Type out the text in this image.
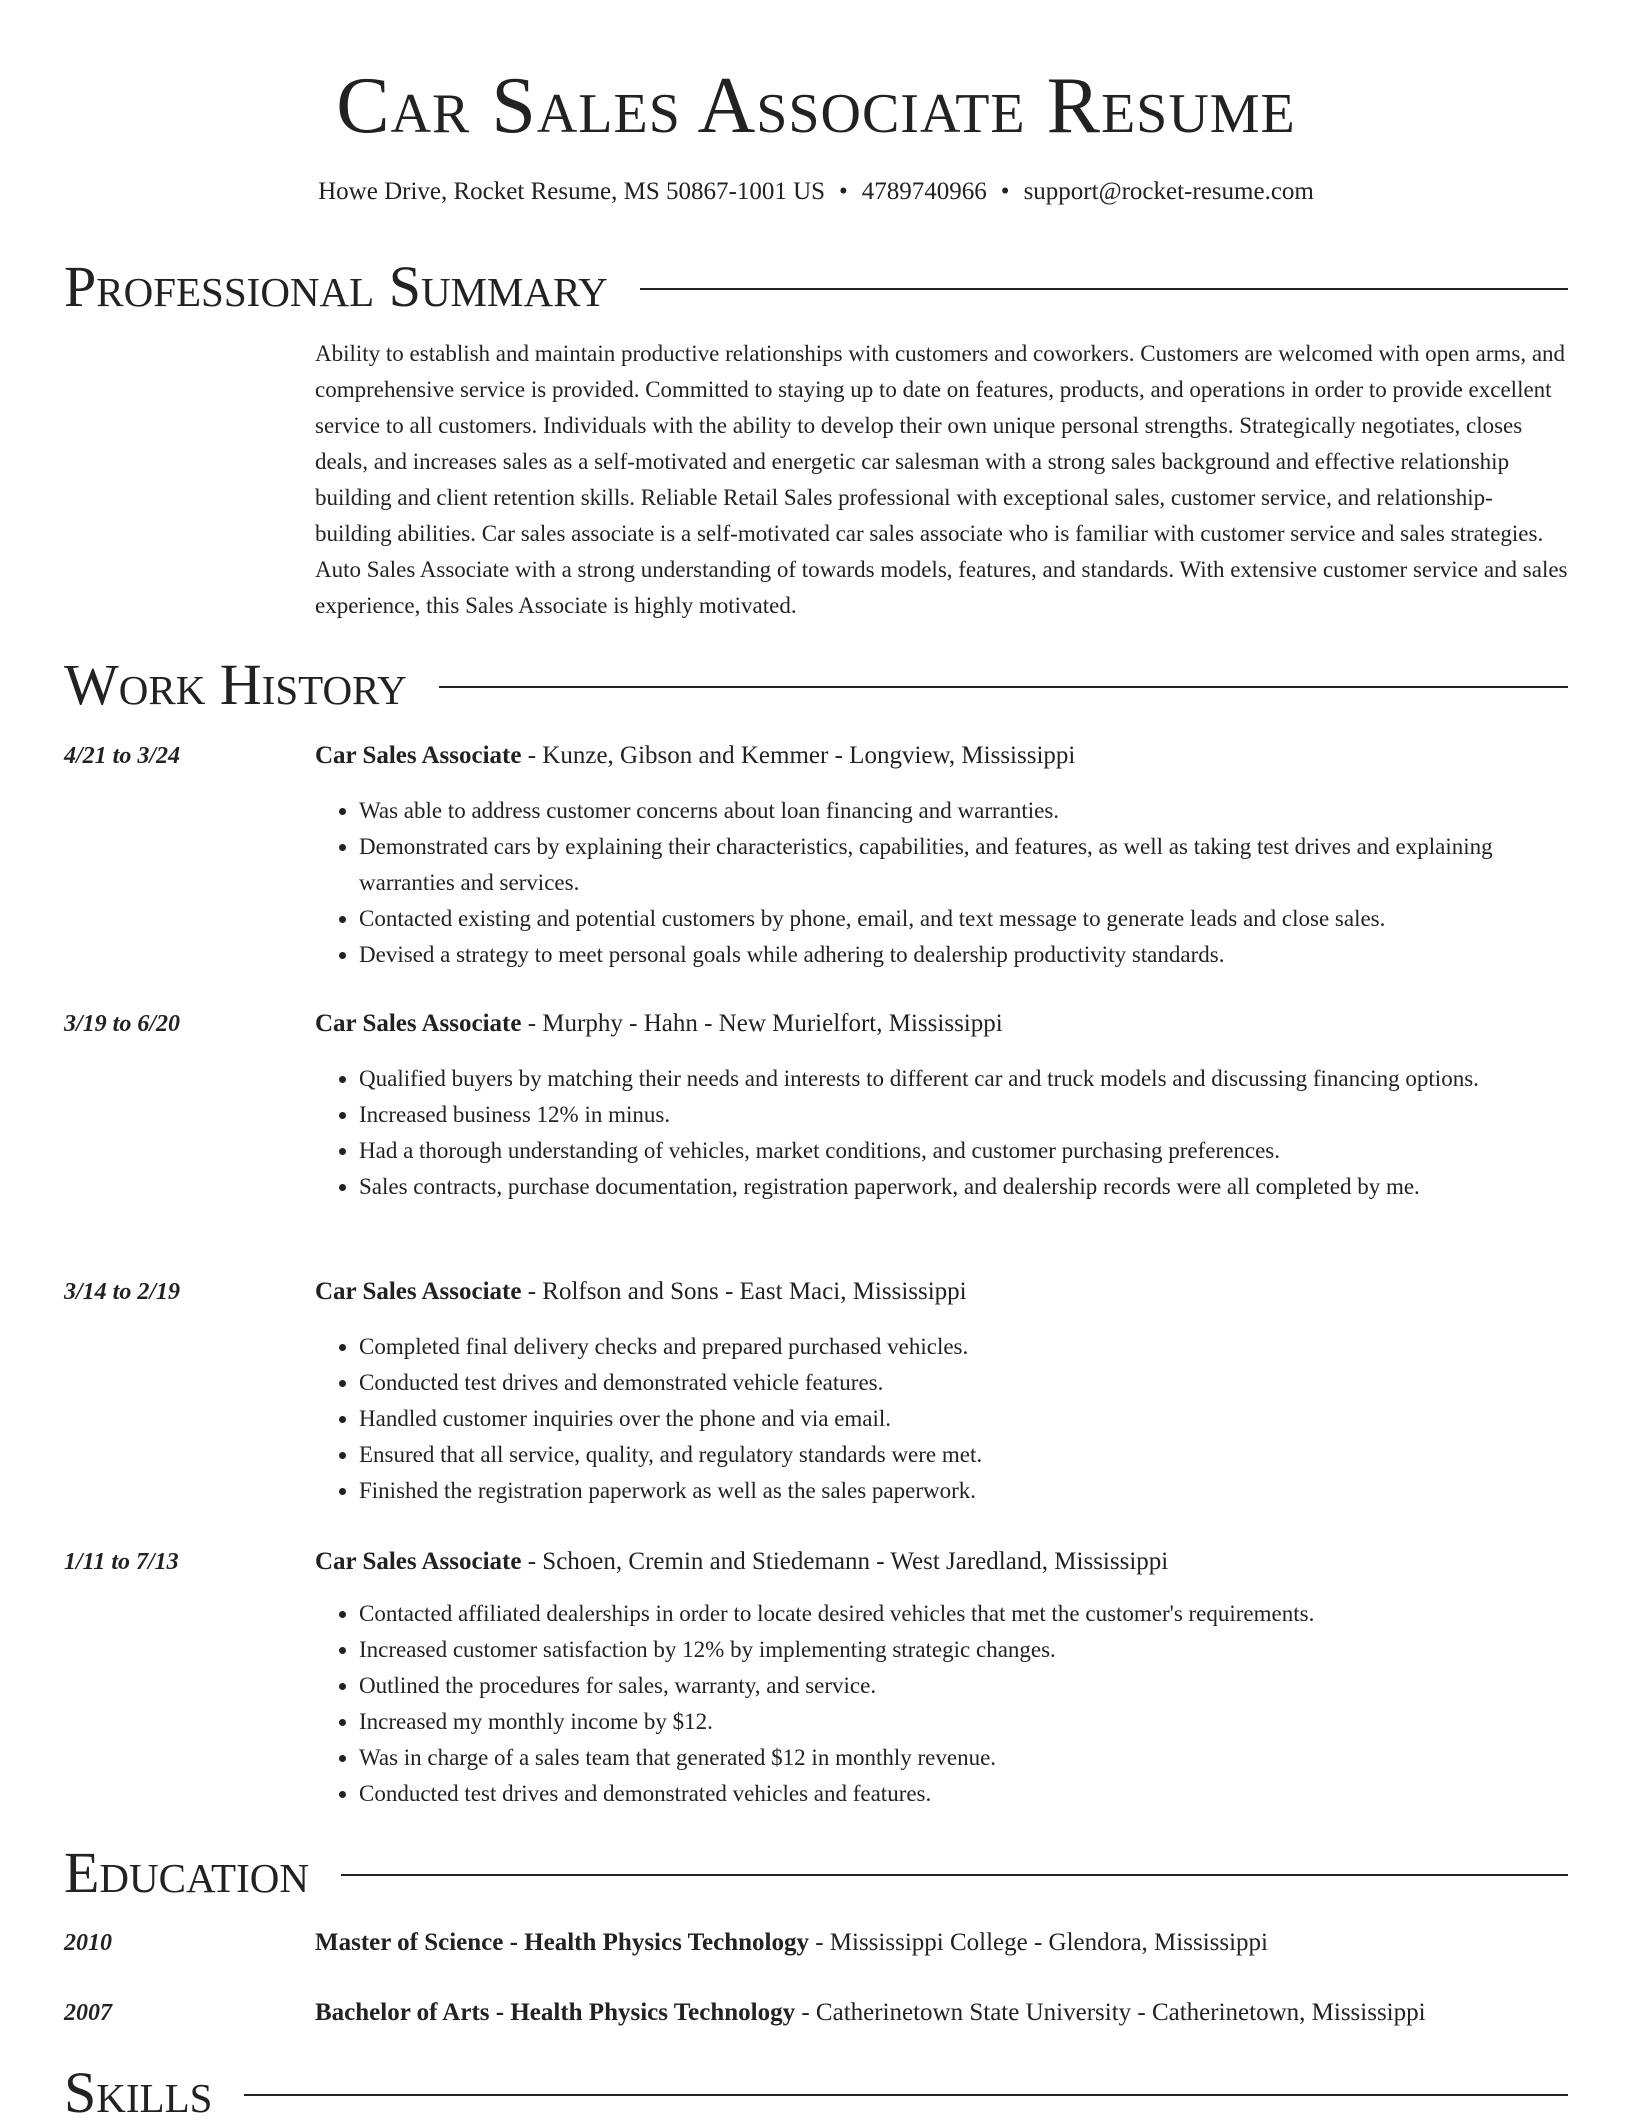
Car Sales Associate Resume
Howe Drive, Rocket Resume, MS 50867-1001 US • 4789740966 • support@rocket-resume.com
Professional Summary
Ability to establish and maintain productive relationships with customers and coworkers. Customers are welcomed with open arms, and comprehensive service is provided. Committed to staying up to date on features, products, and operations in order to provide excellent service to all customers. Individuals with the ability to develop their own unique personal strengths. Strategically negotiates, closes deals, and increases sales as a self-motivated and energetic car salesman with a strong sales background and effective relationship building and client retention skills. Reliable Retail Sales professional with exceptional sales, customer service, and relationship-building abilities. Car sales associate is a self-motivated car sales associate who is familiar with customer service and sales strategies. Auto Sales Associate with a strong understanding of towards models, features, and standards. With extensive customer service and sales experience, this Sales Associate is highly motivated.
Work History
4/21 to 3/24	Car Sales Associate - Kunze, Gibson and Kemmer - Longview, Mississippi
• Was able to address customer concerns about loan financing and warranties.
• Demonstrated cars by explaining their characteristics, capabilities, and features, as well as taking test drives and explaining warranties and services.
• Contacted existing and potential customers by phone, email, and text message to generate leads and close sales.
• Devised a strategy to meet personal goals while adhering to dealership productivity standards.
3/19 to 6/20	Car Sales Associate - Murphy - Hahn - New Murielfort, Mississippi
• Qualified buyers by matching their needs and interests to different car and truck models and discussing financing options.
• Increased business 12% in minus.
• Had a thorough understanding of vehicles, market conditions, and customer purchasing preferences.
• Sales contracts, purchase documentation, registration paperwork, and dealership records were all completed by me.
3/14 to 2/19	Car Sales Associate - Rolfson and Sons - East Maci, Mississippi
• Completed final delivery checks and prepared purchased vehicles.
• Conducted test drives and demonstrated vehicle features.
• Handled customer inquiries over the phone and via email.
• Ensured that all service, quality, and regulatory standards were met.
• Finished the registration paperwork as well as the sales paperwork.
1/11 to 7/13	Car Sales Associate - Schoen, Cremin and Stiedemann - West Jaredland, Mississippi
• Contacted affiliated dealerships in order to locate desired vehicles that met the customer's requirements.
• Increased customer satisfaction by 12% by implementing strategic changes.
• Outlined the procedures for sales, warranty, and service.
• Increased my monthly income by $12.
• Was in charge of a sales team that generated $12 in monthly revenue.
• Conducted test drives and demonstrated vehicles and features.
Education
2010	Master of Science - Health Physics Technology - Mississippi College - Glendora, Mississippi
2007	Bachelor of Arts - Health Physics Technology - Catherinetown State University - Catherinetown, Mississippi
Skills
